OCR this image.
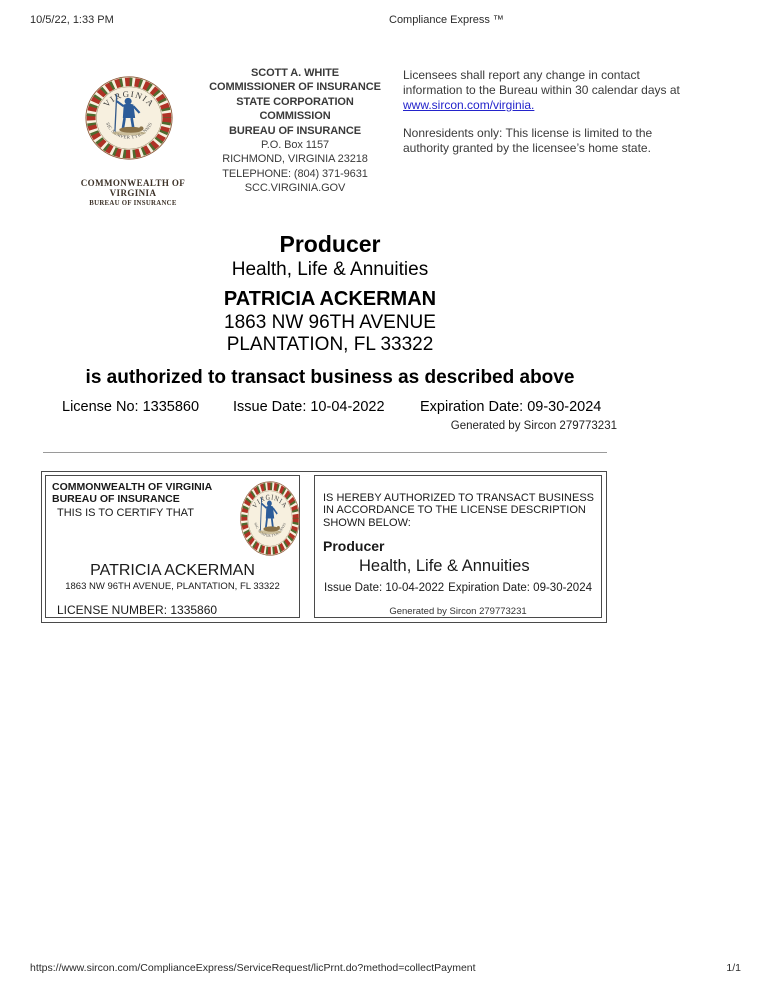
10/5/22, 1:33 PM	Compliance Express ™
COMMONWEALTH OF
VIRGINIA
BUREAU OF INSURANCE
SCOTT A. WHITE
COMMISSIONER OF INSURANCE
STATE CORPORATION
COMMISSION
BUREAU OF INSURANCE
P.O. Box 1157
RICHMOND, VIRGINIA 23218
TELEPHONE: (804) 371-9631
SCC.VIRGINIA.GOV
Licensees shall report any change in contact
information to the Bureau within 30 calendar days at
www.sircon.com/virginia.
Nonresidents only: This license is limited to the
authority granted by the licensee’s home state.
Producer
Health, Life & Annuities
PATRICIA ACKERMAN
1863 NW 96TH AVENUE
PLANTATION, FL 33322
is authorized to transact business as described above
License No: 1335860 Issue Date: 10-04-2022 Expiration Date: 09-30-2024
Generated by Sircon 279773231
COMMONWEALTH OF VIRGINIA
BUREAU OF INSURANCE
THIS IS TO CERTIFY THAT
PATRICIA ACKERMAN
1863 NW 96TH AVENUE, PLANTATION, FL 33322
LICENSE NUMBER: 1335860
IS HEREBY AUTHORIZED TO TRANSACT BUSINESS
IN ACCORDANCE TO THE LICENSE DESCRIPTION
SHOWN BELOW:
Producer
Health, Life & Annuities
Issue Date: 10-04-2022 Expiration Date: 09-30-2024
Generated by Sircon 279773231
https://www.sircon.com/ComplianceExpress/ServiceRequest/licPrnt.do?method=collectPayment	1/1
